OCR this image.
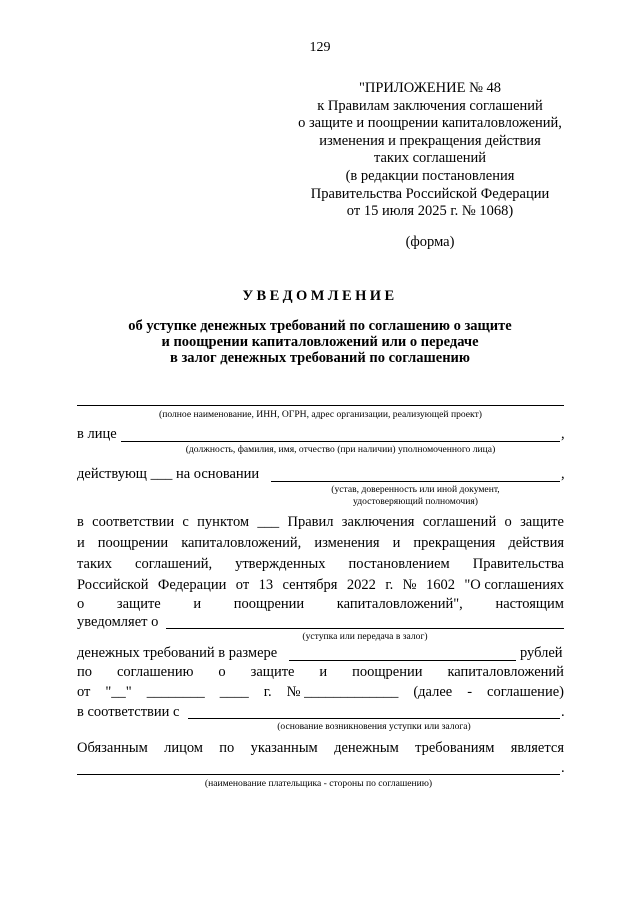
129
"ПРИЛОЖЕНИЕ № 48
к Правилам заключения соглашений
о защите и поощрении капиталовложений,
изменения и прекращения действия
таких соглашений
(в редакции постановления
Правительства Российской Федерации
от 15 июля 2025 г. № 1068)
(форма)
УВЕДОМЛЕНИЕ
об уступке денежных требований по соглашению о защите
и поощрении капиталовложений или о передаче
в залог денежных требований по соглашению
(полное наименование, ИНН, ОГРН, адрес организации, реализующей проект)
в лице	,
(должность, фамилия, имя, отчество (при наличии) уполномоченного лица)
действующ ___ на основании	,
(устав, доверенность или иной документ,
удостоверяющий полномочия)
в соответствии с пунктом ___ Правил заключения соглашений о защите
и поощрении капиталовложений, изменения и прекращения действия
таких соглашений, утвержденных постановлением Правительства
Российской Федерации от 13 сентября 2022 г. № 1602 "О соглашениях
о защите и поощрении капиталовложений", настоящим
уведомляет о
(уступка или передача в залог)
денежных требований в размере	рублей
по соглашению о защите и поощрении капиталовложений
от "__" ________ ____ г. № _____________ (далее - соглашение)
в соответствии с	.
(основание возникновения уступки или залога)
Обязанным лицом по указанным денежным требованиям является
.
(наименование плательщика - стороны по соглашению)
